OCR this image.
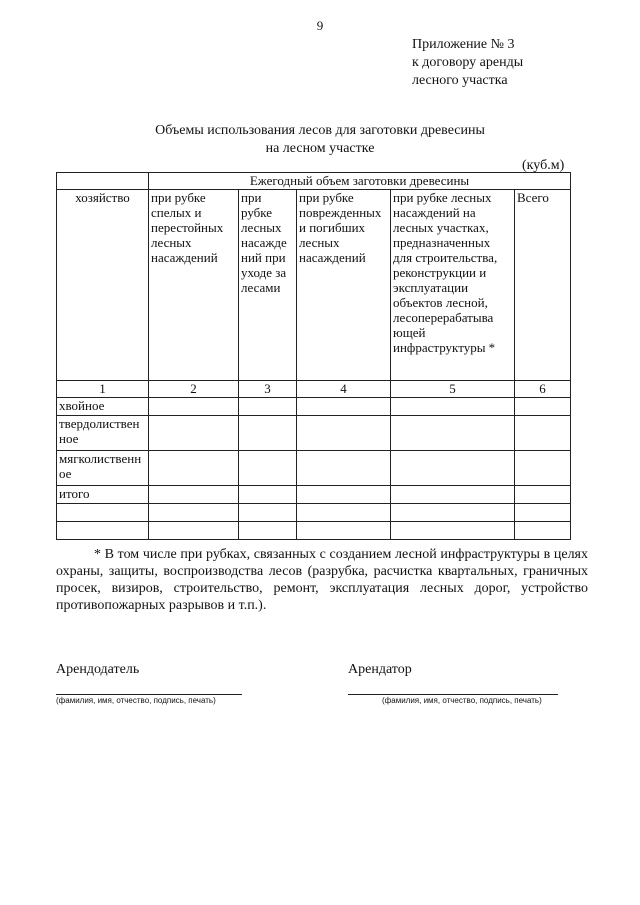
9
Приложение № 3
к договору аренды
лесного участка
Объемы использования лесов для заготовки древесины
на лесном участке
(куб.м)
	Ежегодный объем заготовки древесины				
хозяйство	при рубке спелых и перестойных лесных насаждений	при рубке лесных насажде ний при уходе за лесами	при рубке поврежденных и погибших лесных насаждений	при рубке лесных насаждений на лесных участках, предназначенных для строительства, реконструкции и эксплуатации объектов лесной, лесоперерабатыва ющей инфраструктуры *	Всего
1	2	3	4	5	6
хвойное					
твердолиственное					
мягколиственное					
итого					

* В том числе при рубках, связанных с созданием лесной инфраструктуры в целях охраны, защиты, воспроизводства лесов (разрубка, расчистка квартальных, граничных просек, визиров, строительство, ремонт, эксплуатация лесных дорог, устройство противопожарных разрывов и т.п.).

Арендодатель	Арендатор
(фамилия, имя, отчество, подпись, печать)	(фамилия, имя, отчество, подпись, печать)
